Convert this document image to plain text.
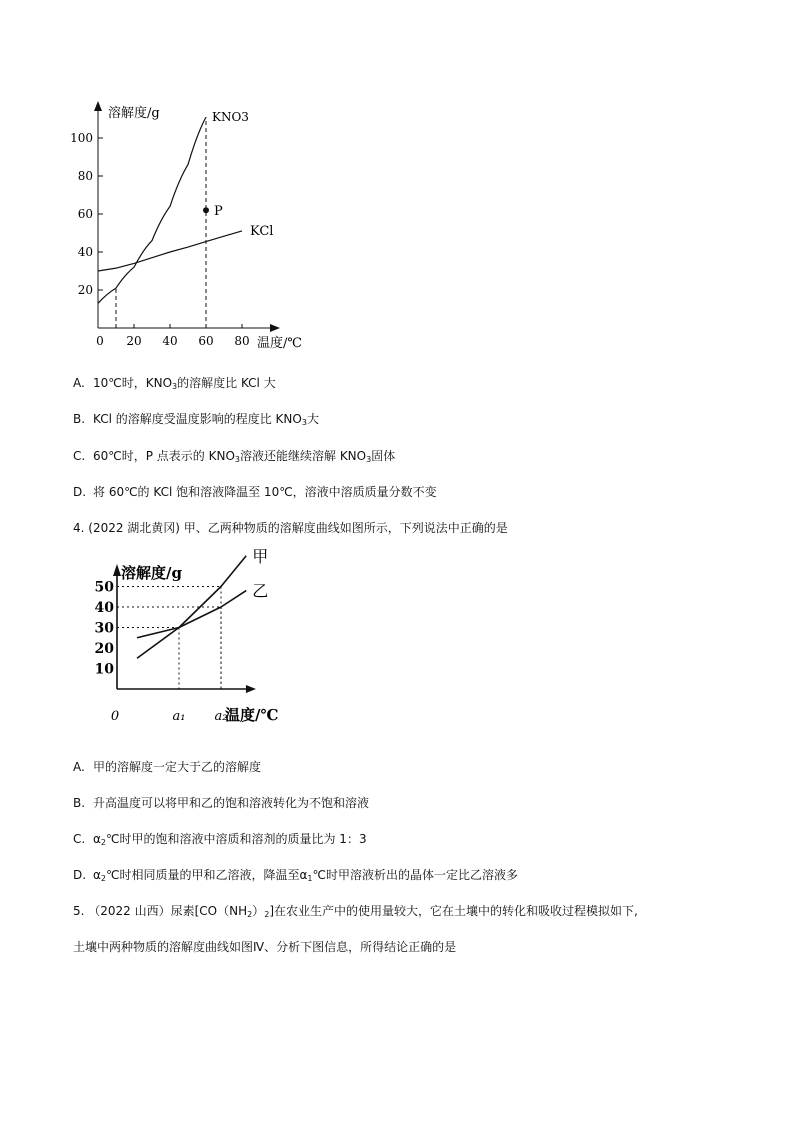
溶解度/g
温度/℃
20
40
60
80
100
0 20 40 60 80
KNO3
KCl
P
A. 10℃时，$KNO_3$的溶解度比 KCl 大
B. KCl 的溶解度受温度影响的程度比 $KNO_3$大
C. 60℃时，P 点表示的 $KNO_3$溶液还能继续溶解 $KNO_3$固体
D. 将 60℃的 KCl 饱和溶液降温至 10℃，溶液中溶质质量分数不变
4. (2022 湖北黄冈) 甲、乙两种物质的溶解度曲线如图所示，下列说法中正确的是
溶解度/g
温度/℃
10
20
30
40
50
0	a₁ a₂
甲
乙
A. 甲的溶解度一定大于乙的溶解度
B. 升高温度可以将甲和乙的饱和溶液转化为不饱和溶液
C. $\alpha_2℃$时甲的饱和溶液中溶质和溶剂的质量比为 1：3
D. $\alpha_2℃$时相同质量的甲和乙溶液，降温至$\alpha_1℃$时甲溶液析出的晶体一定比乙溶液多
5. （2022 山西）尿素$[CO(NH_2)_2]$在农业生产中的使用量较大，它在土壤中的转化和吸收过程模拟如下,
土壤中两种物质的溶解度曲线如图Ⅳ、分析下图信息，所得结论正确的是
